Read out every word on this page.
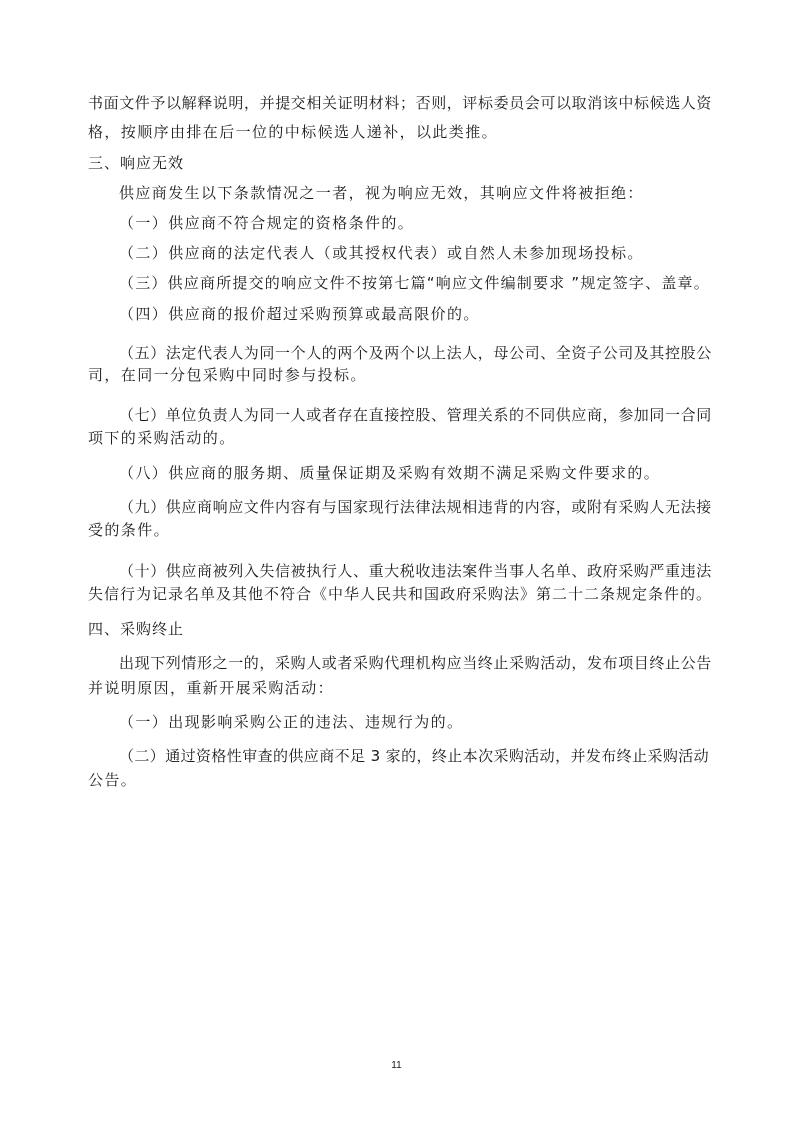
书面文件予以解释说明，并提交相关证明材料；否则，评标委员会可以取消该中标候选人资
格，按顺序由排在后一位的中标候选人递补，以此类推。
三、响应无效
供应商发生以下条款情况之一者，视为响应无效，其响应文件将被拒绝：
（一）供应商不符合规定的资格条件的。
（二）供应商的法定代表人（或其授权代表）或自然人未参加现场投标。
（三）供应商所提交的响应文件不按第七篇“响应文件编制要求 ”规定签字、盖章。
（四）供应商的报价超过采购预算或最高限价的。
（五）法定代表人为同一个人的两个及两个以上法人，母公司、全资子公司及其控股公
司，在同一分包采购中同时参与投标。
（七）单位负责人为同一人或者存在直接控股、管理关系的不同供应商，参加同一合同
项下的采购活动的。
（八）供应商的服务期、质量保证期及采购有效期不满足采购文件要求的。
（九）供应商响应文件内容有与国家现行法律法规相违背的内容，或附有采购人无法接
受的条件。
（十）供应商被列入失信被执行人、重大税收违法案件当事人名单、政府采购严重违法
失信行为记录名单及其他不符合《中华人民共和国政府采购法》第二十二条规定条件的。
四、采购终止
出现下列情形之一的，采购人或者采购代理机构应当终止采购活动，发布项目终止公告
并说明原因，重新开展采购活动：
（一）出现影响采购公正的违法、违规行为的。
（二）通过资格性审查的供应商不足 3 家的，终止本次采购活动，并发布终止采购活动
公告。
11
